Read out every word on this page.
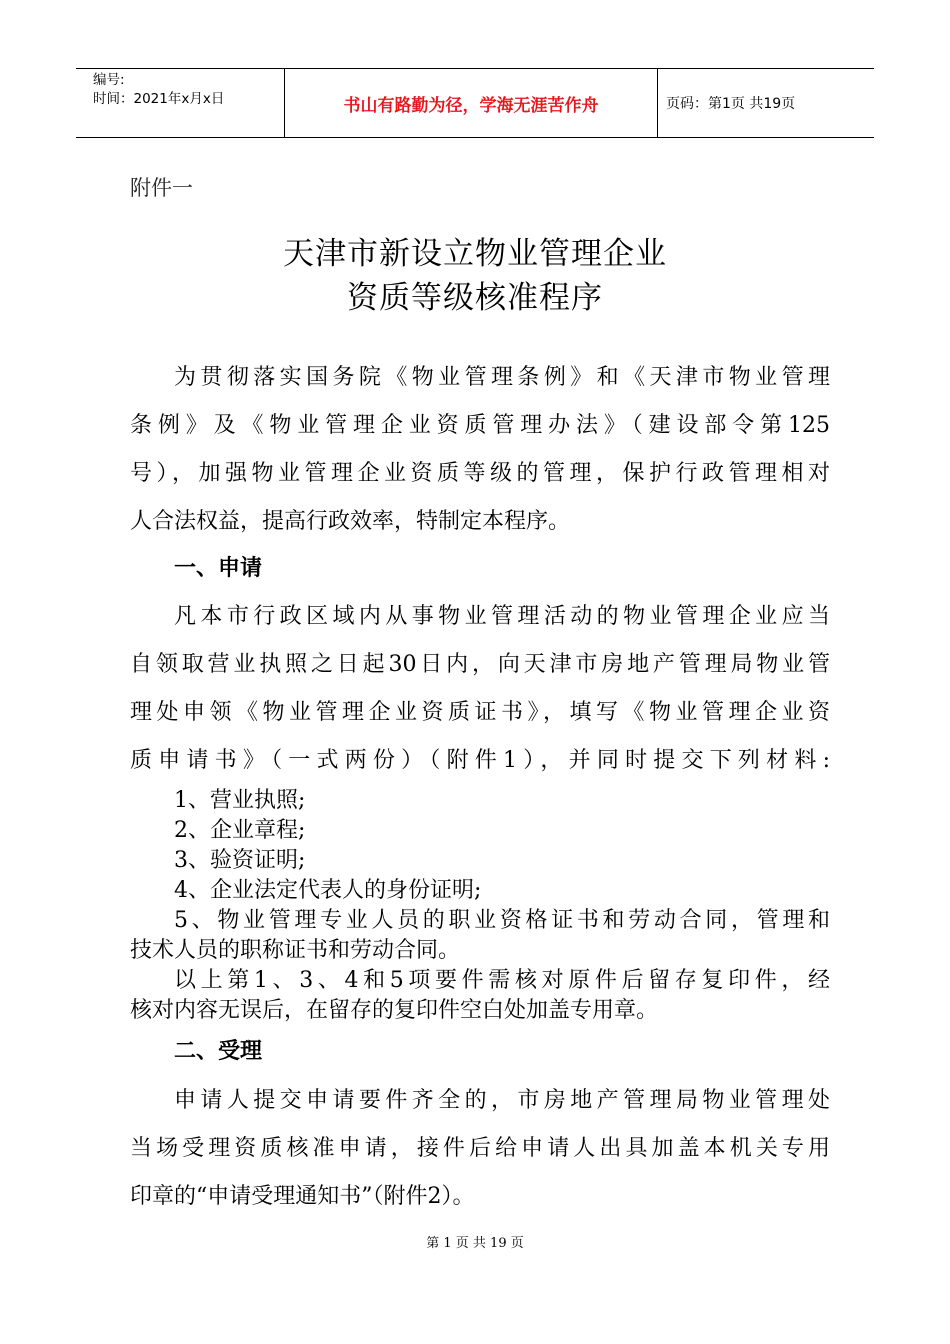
编号:
时间：2021年x月x日	书山有路勤为径，学海无涯苦作舟	页码：第1页 共19页
附件一
天津市新设立物业管理企业
资质等级核准程序
为贯彻落实国务院《物业管理条例》和《天津市物业管理
条例》及《物业管理企业资质管理办法》（建设部令第125
号），加强物业管理企业资质等级的管理，保护行政管理相对
人合法权益，提高行政效率，特制定本程序。
一、申请
凡本市行政区域内从事物业管理活动的物业管理企业应当
自领取营业执照之日起30日内，向天津市房地产管理局物业管
理处申领《物业管理企业资质证书》，填写《物业管理企业资
质申请书》（一式两份）（附件1），并同时提交下列材料:
1、营业执照;
2、企业章程;
3、验资证明;
4、企业法定代表人的身份证明;
5、物业管理专业人员的职业资格证书和劳动合同，管理和
技术人员的职称证书和劳动合同。
以上第1、3、4和5项要件需核对原件后留存复印件，经
核对内容无误后，在留存的复印件空白处加盖专用章。
二、受理
申请人提交申请要件齐全的，市房地产管理局物业管理处
当场受理资质核准申请，接件后给申请人出具加盖本机关专用
印章的“申请受理通知书”（附件2）。
第 1 页 共 19 页
